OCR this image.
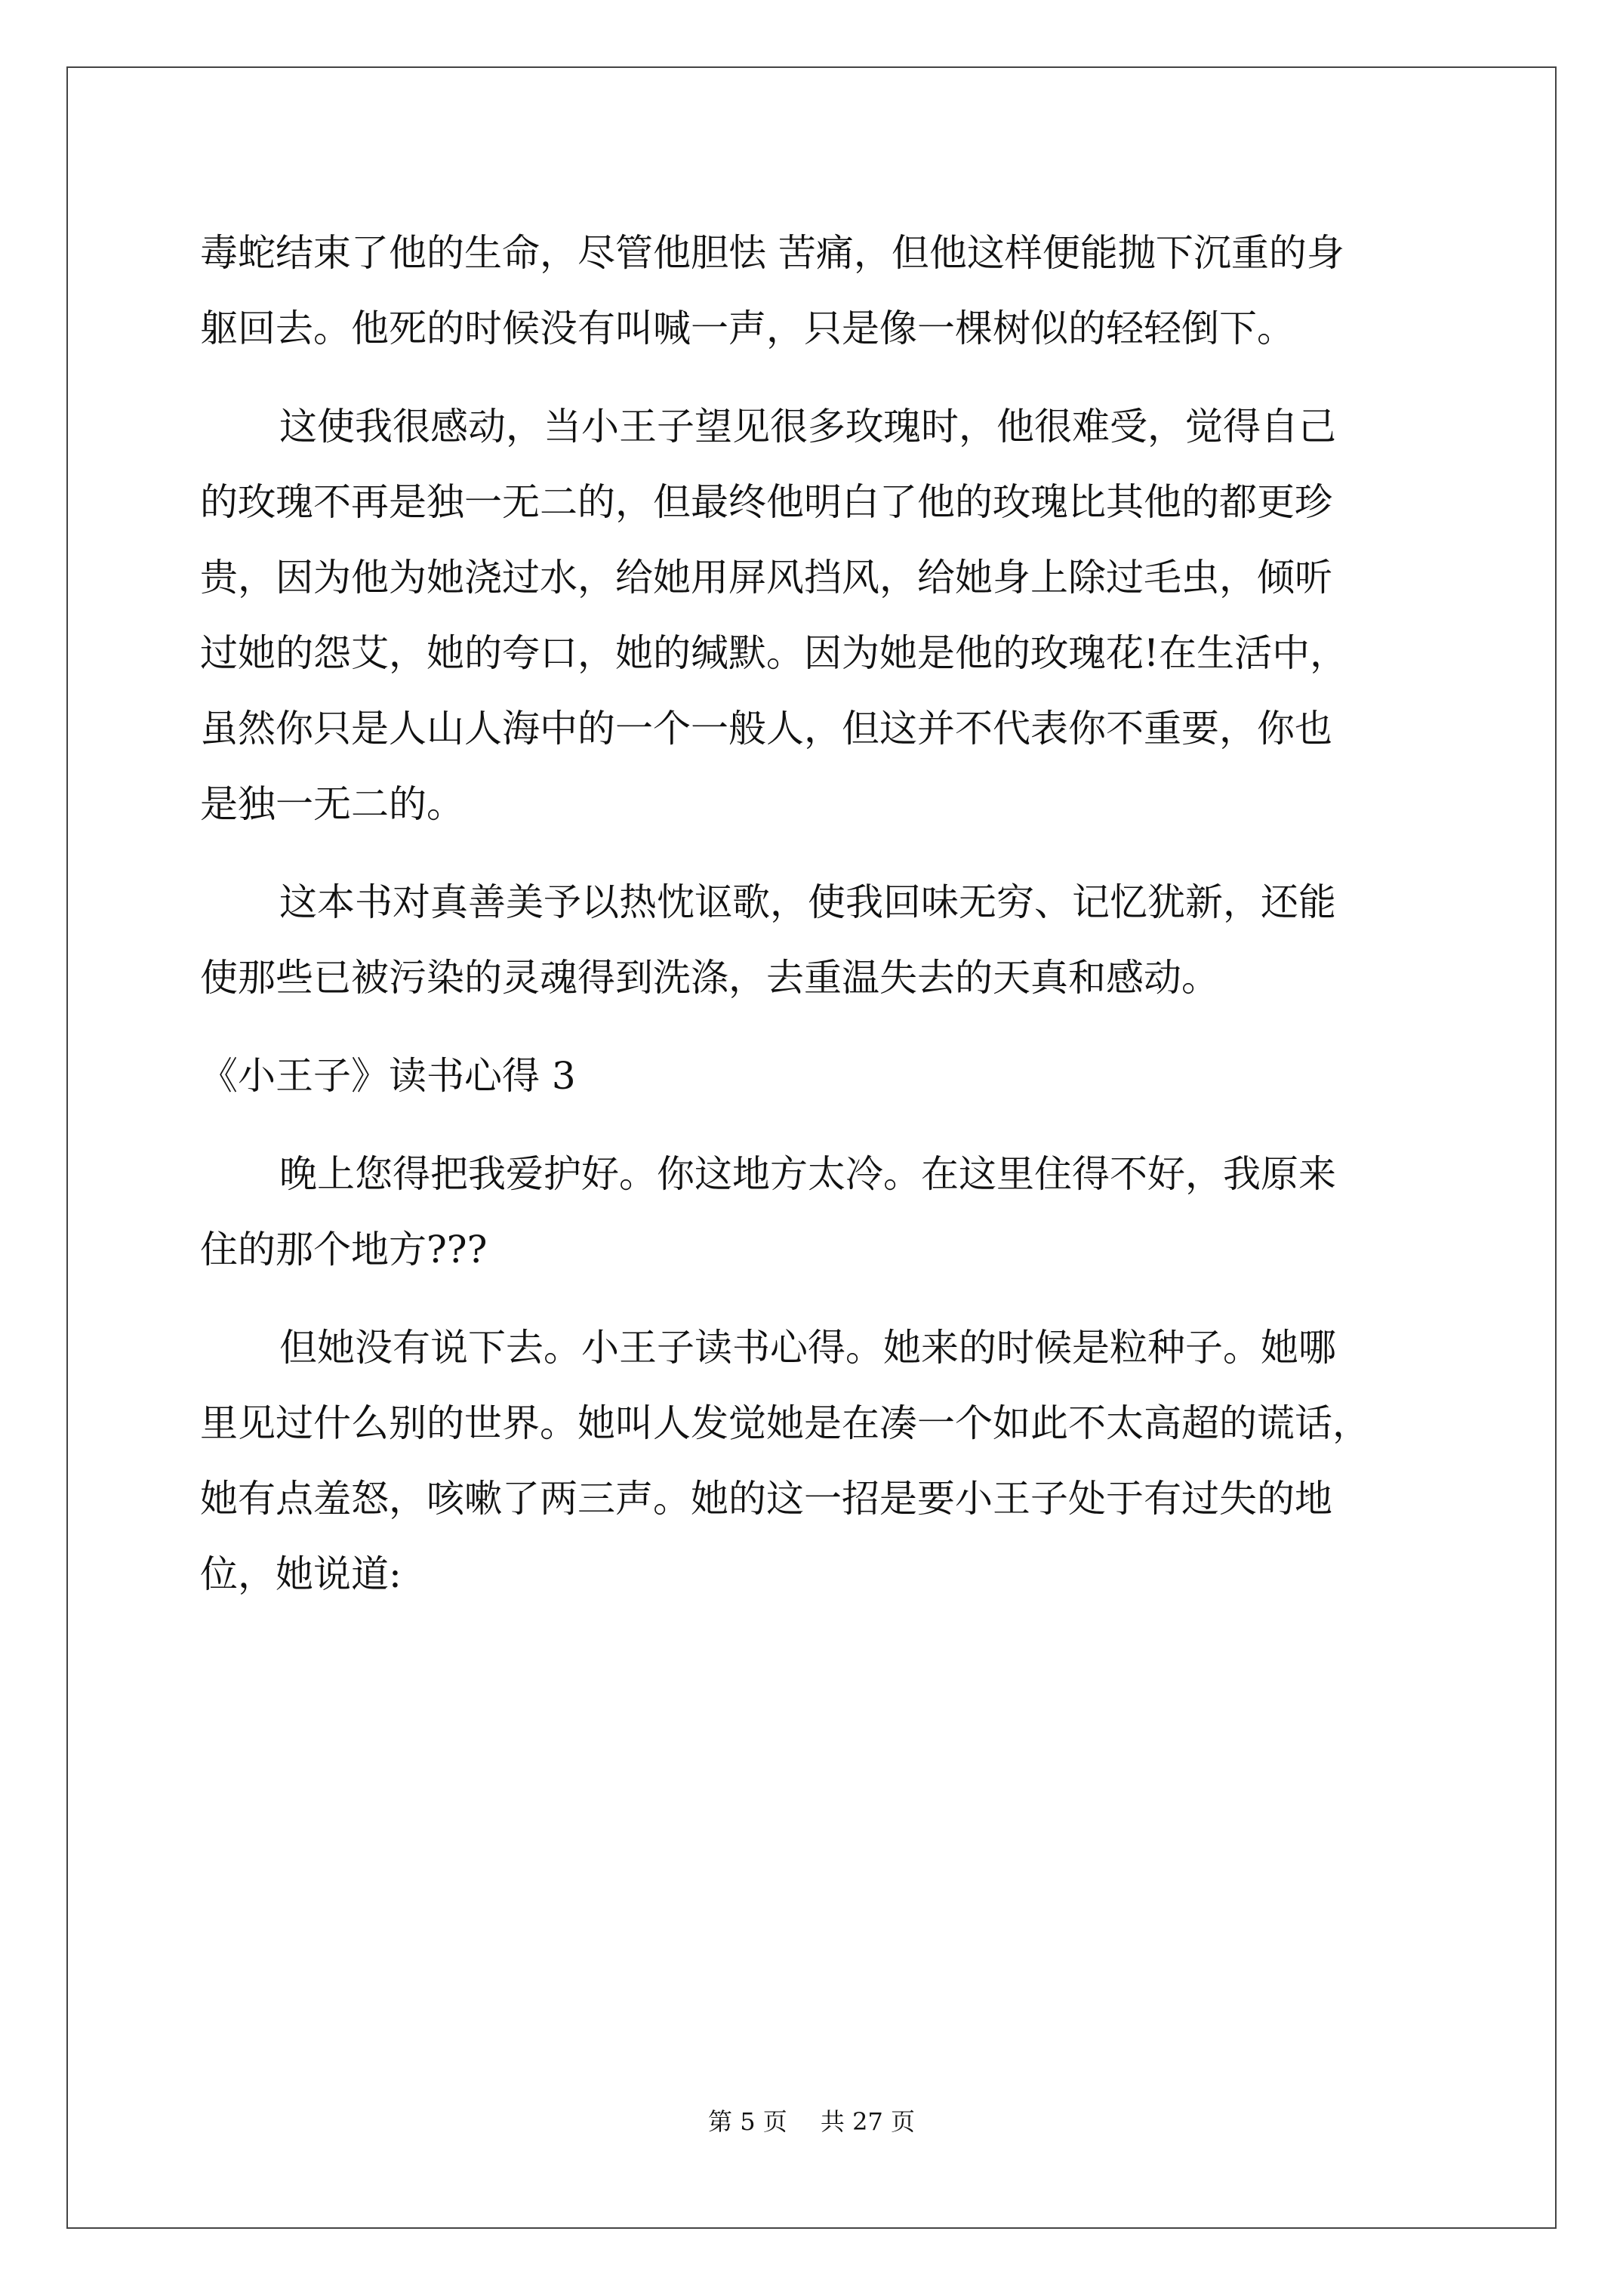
毒蛇结束了他的生命，尽管他胆怯 苦痛，但他这样便能抛下沉重的身
躯回去。他死的时候没有叫喊一声，只是像一棵树似的轻轻倒下。

这使我很感动，当小王子望见很多玫瑰时，他很难受，觉得自己
的玫瑰不再是独一无二的，但最终他明白了他的玫瑰比其他的都更珍
贵，因为他为她浇过水，给她用屏风挡风，给她身上除过毛虫，倾听
过她的怨艾，她的夸口，她的缄默。因为她是他的玫瑰花!在生活中，
虽然你只是人山人海中的一个一般人，但这并不代表你不重要，你也
是独一无二的。

这本书对真善美予以热忱讴歌，使我回味无穷、记忆犹新，还能
使那些已被污染的灵魂得到洗涤，去重温失去的天真和感动。

《小王子》读书心得 3

晚上您得把我爱护好。你这地方太冷。在这里住得不好，我原来
住的那个地方???

但她没有说下去。小王子读书心得。她来的时候是粒种子。她哪
里见过什么别的世界。她叫人发觉她是在凑一个如此不太高超的谎话，
她有点羞怒，咳嗽了两三声。她的这一招是要小王子处于有过失的地
位，她说道:

第 5 页 共 27 页
